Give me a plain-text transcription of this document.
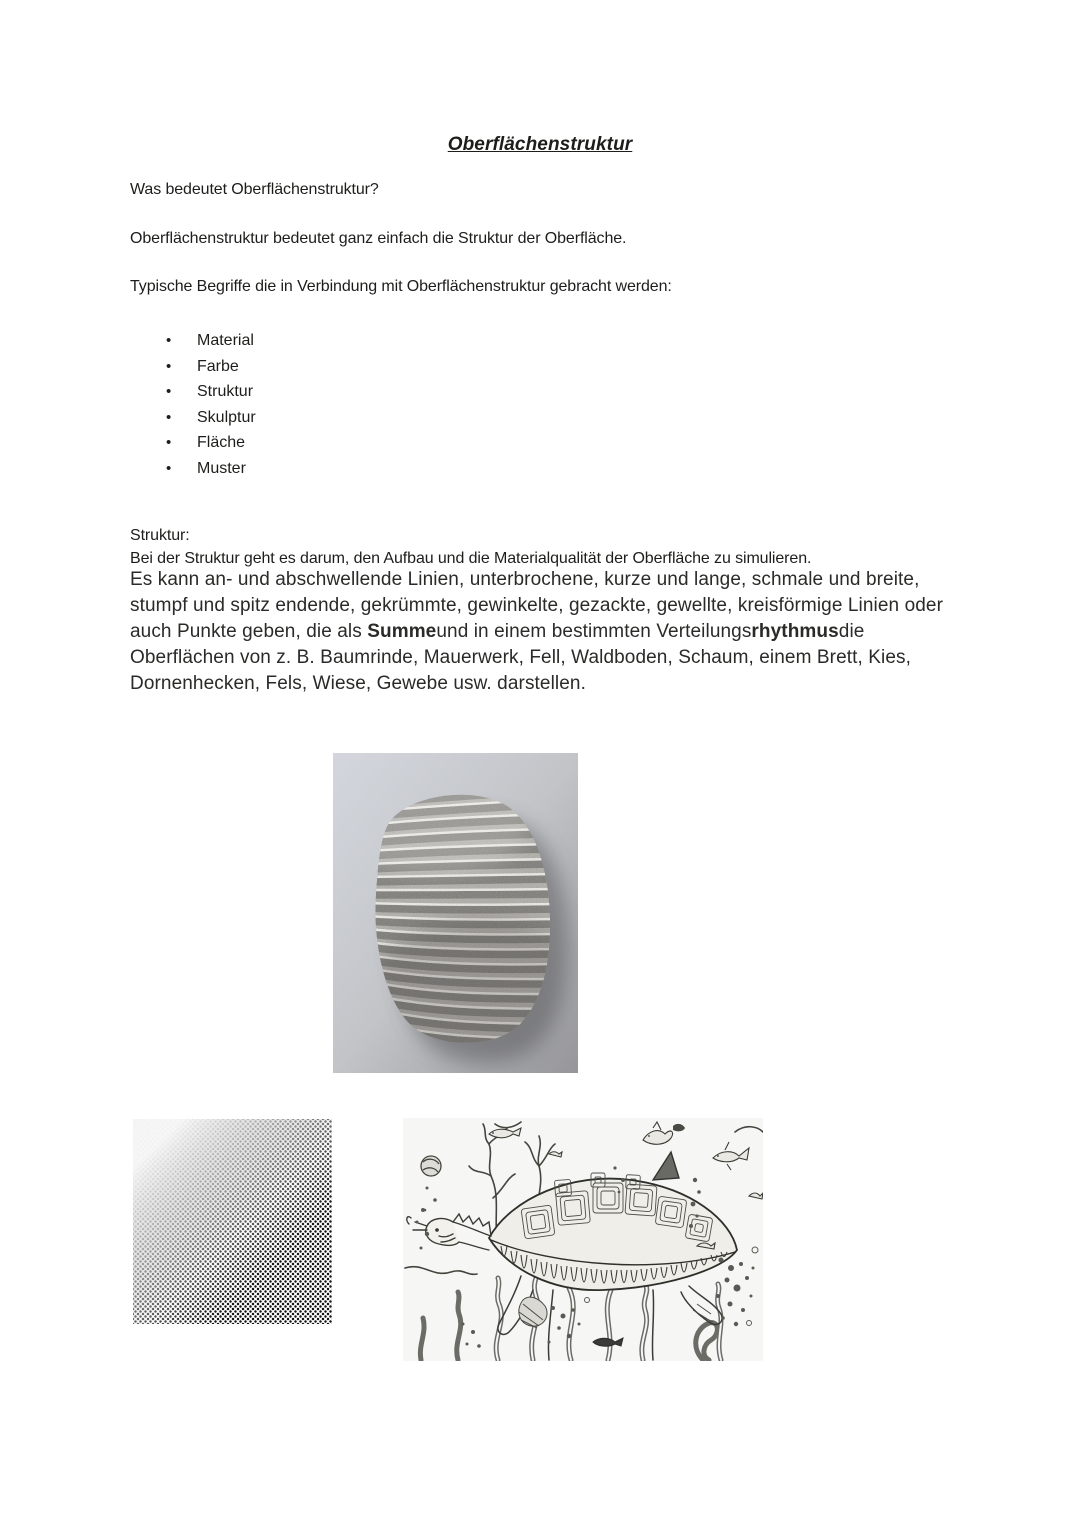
Oberflächenstruktur

Was bedeutet Oberflächenstruktur?

Oberflächenstruktur bedeutet ganz einfach die Struktur der Oberfläche.

Typische Begriffe die in Verbindung mit Oberflächenstruktur gebracht werden:

• Material
• Farbe
• Struktur
• Skulptur
• Fläche
• Muster

Struktur:

Bei der Struktur geht es darum, den Aufbau und die Materialqualität der Oberfläche zu simulieren.

Es kann an- und abschwellende Linien, unterbrochene, kurze und lange, schmale und breite, stumpf und spitz endende, gekrümmte, gewinkelte, gezackte, gewellte, kreisförmige Linien oder auch Punkte geben, die als Summeund in einem bestimmten Verteilungsrhythmusdie Oberflächen von z. B. Baumrinde, Mauerwerk, Fell, Waldboden, Schaum, einem Brett, Kies, Dornenhecken, Fels, Wiese, Gewebe usw. darstellen.
